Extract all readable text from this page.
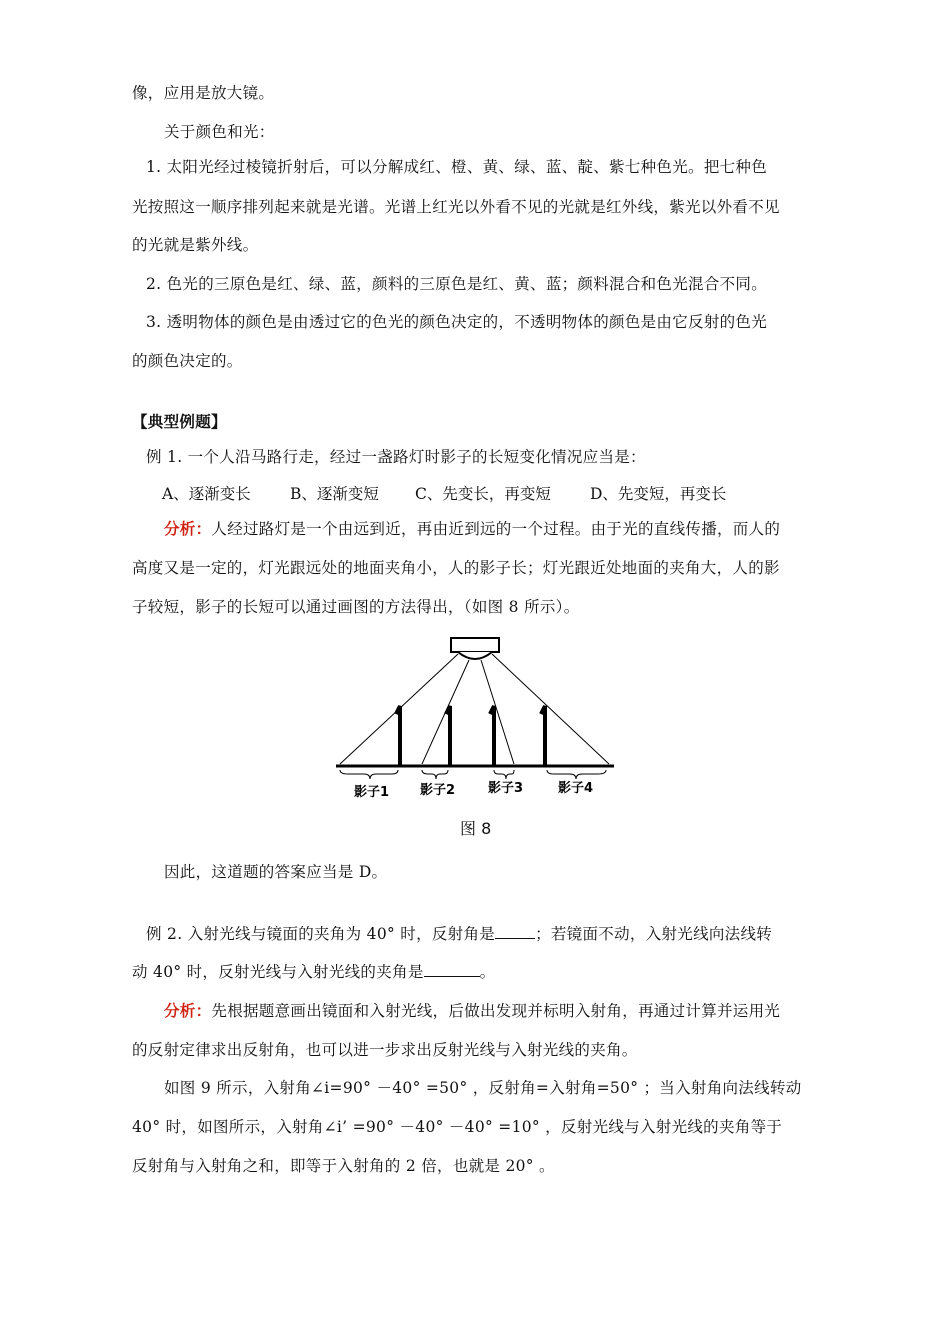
像，应用是放大镜。
关于颜色和光：
1. 太阳光经过棱镜折射后，可以分解成红、橙、黄、绿、蓝、靛、紫七种色光。把七种色
光按照这一顺序排列起来就是光谱。光谱上红光以外看不见的光就是红外线，紫光以外看不见
的光就是紫外线。
2. 色光的三原色是红、绿、蓝，颜料的三原色是红、黄、蓝；颜料混合和色光混合不同。
3. 透明物体的颜色是由透过它的色光的颜色决定的，不透明物体的颜色是由它反射的色光
的颜色决定的。
【典型例题】
例 1. 一个人沿马路行走，经过一盏路灯时影子的长短变化情况应当是：
A、逐渐变长	B、逐渐变短 C、先变长，再变短	D、先变短，再变长
分析：人经过路灯是一个由远到近，再由近到远的一个过程。由于光的直线传播，而人的
高度又是一定的，灯光跟远处的地面夹角小，人的影子长；灯光跟近处地面的夹角大，人的影
子较短，影子的长短可以通过画图的方法得出，（如图 8 所示）。
影子1 影子2	影子3	影子4
图 8
因此，这道题的答案应当是 D。
例 2. 入射光线与镜面的夹角为 40° 时，反射角是	；若镜面不动，入射光线向法线转
动 40° 时，反射光线与入射光线的夹角是	。
分析：先根据题意画出镜面和入射光线，后做出发现并标明入射角，再通过计算并运用光
的反射定律求出反射角，也可以进一步求出反射光线与入射光线的夹角。
如图 9 所示，入射角∠i=90° －40° =50° ，反射角=入射角=50° ；当入射角向法线转动
40° 时，如图所示，入射角∠i’ =90° －40° －40° =10° ，反射光线与入射光线的夹角等于
反射角与入射角之和，即等于入射角的 2 倍，也就是 20° 。
